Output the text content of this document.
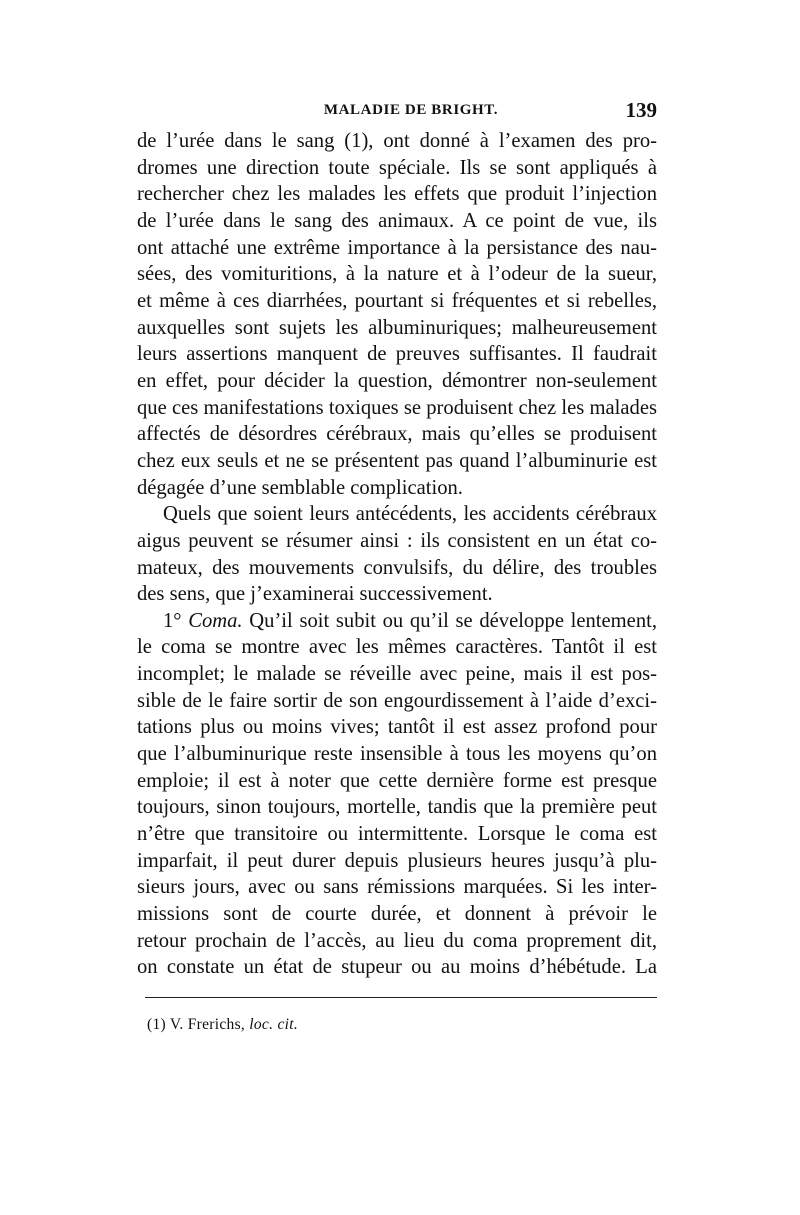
MALADIE DE BRIGHT.	139
de l’urée dans le sang (1), ont donné à l’examen des pro-
dromes une direction toute spéciale. Ils se sont appliqués à
rechercher chez les malades les effets que produit l’injection
de l’urée dans le sang des animaux. A ce point de vue, ils
ont attaché une extrême importance à la persistance des nau-
sées, des vomituritions, à la nature et à l’odeur de la sueur,
et même à ces diarrhées, pourtant si fréquentes et si rebelles,
auxquelles sont sujets les albuminuriques; malheureusement
leurs assertions manquent de preuves suffisantes. Il faudrait
en effet, pour décider la question, démontrer non-seulement
que ces manifestations toxiques se produisent chez les malades
affectés de désordres cérébraux, mais qu’elles se produisent
chez eux seuls et ne se présentent pas quand l’albuminurie est
dégagée d’une semblable complication.
Quels que soient leurs antécédents, les accidents cérébraux
aigus peuvent se résumer ainsi : ils consistent en un état co-
mateux, des mouvements convulsifs, du délire, des troubles
des sens, que j’examinerai successivement.
1° Coma. Qu’il soit subit ou qu’il se développe lentement,
le coma se montre avec les mêmes caractères. Tantôt il est
incomplet; le malade se réveille avec peine, mais il est pos-
sible de le faire sortir de son engourdissement à l’aide d’exci-
tations plus ou moins vives; tantôt il est assez profond pour
que l’albuminurique reste insensible à tous les moyens qu’on
emploie; il est à noter que cette dernière forme est presque
toujours, sinon toujours, mortelle, tandis que la première peut
n’être que transitoire ou intermittente. Lorsque le coma est
imparfait, il peut durer depuis plusieurs heures jusqu’à plu-
sieurs jours, avec ou sans rémissions marquées. Si les inter-
missions sont de courte durée, et donnent à prévoir le
retour prochain de l’accès, au lieu du coma proprement dit,
on constate un état de stupeur ou au moins d’hébétude. La
(1) V. Frerichs, loc. cit.
